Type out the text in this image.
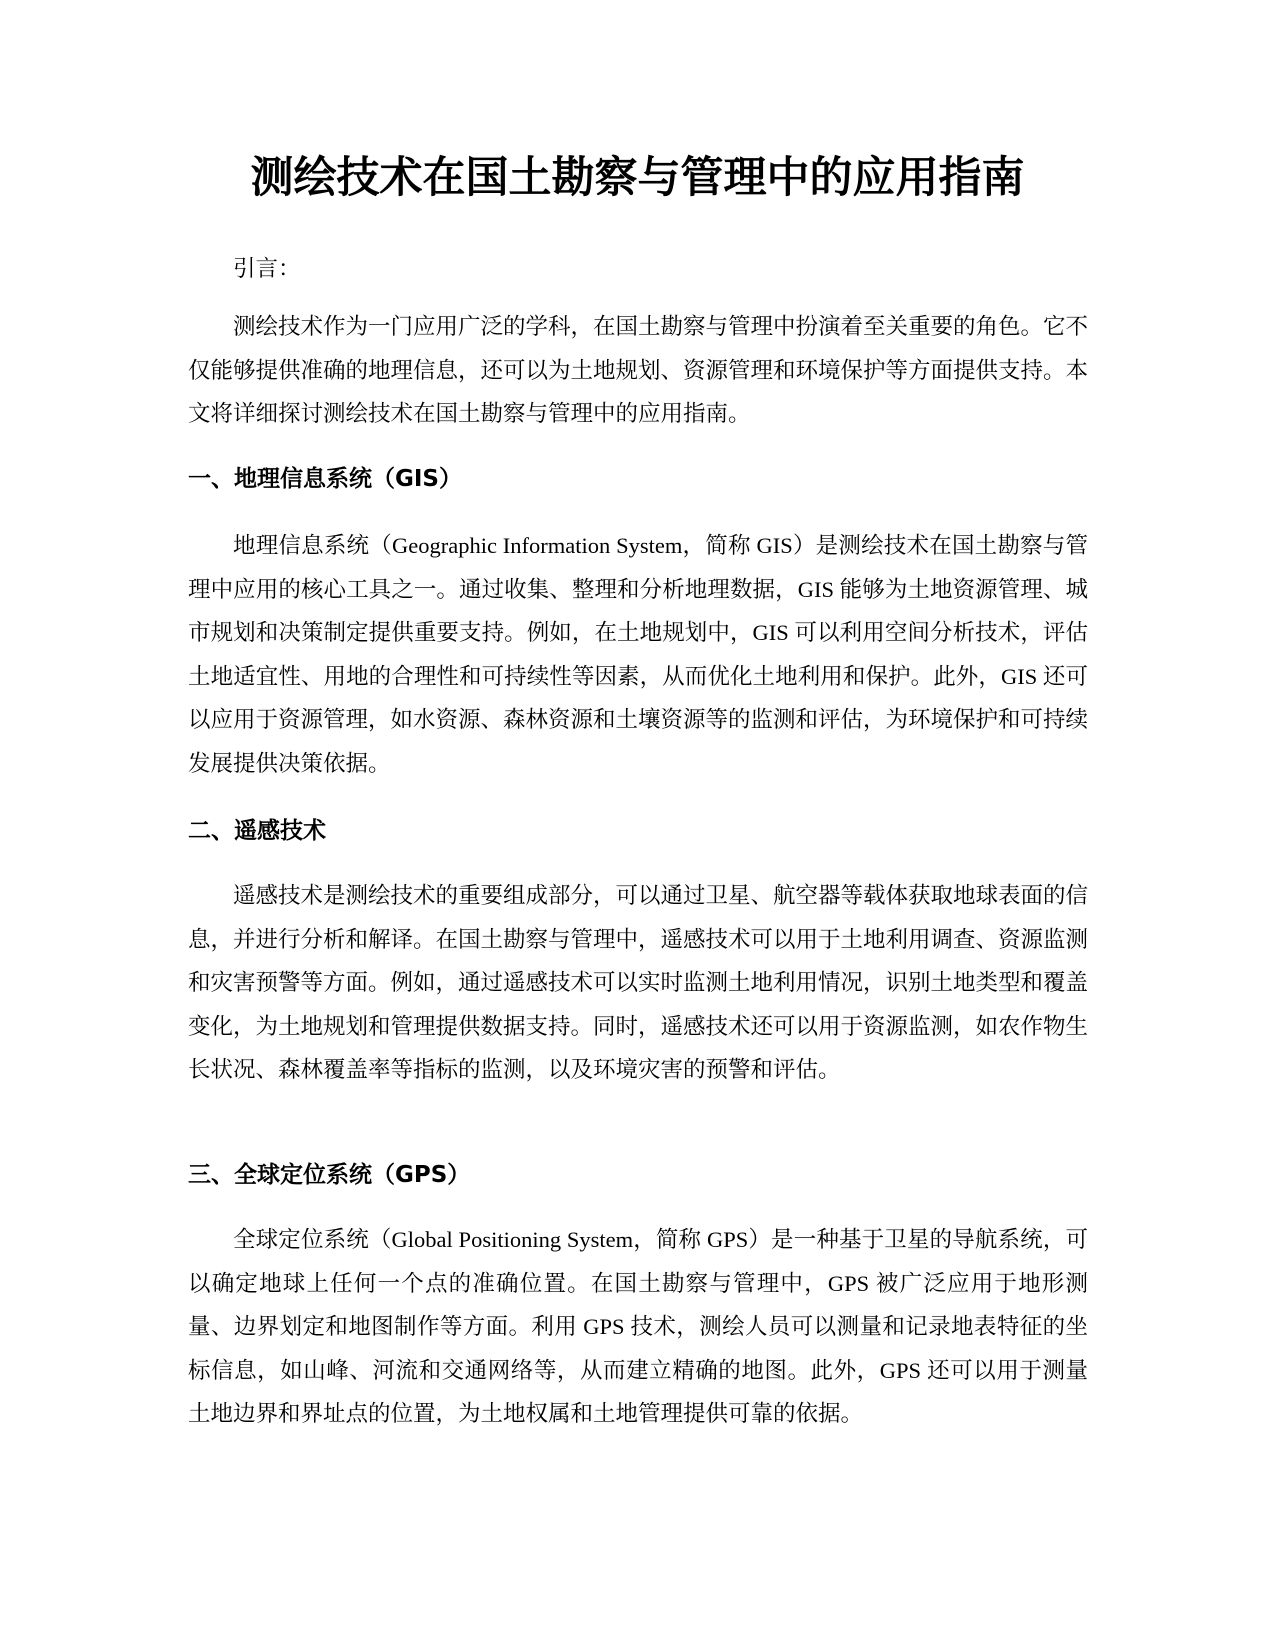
测绘技术在国土勘察与管理中的应用指南

引言：

测绘技术作为一门应用广泛的学科，在国土勘察与管理中扮演着至关重要的角色。它不仅能够提供准确的地理信息，还可以为土地规划、资源管理和环境保护等方面提供支持。本文将详细探讨测绘技术在国土勘察与管理中的应用指南。

一、地理信息系统（GIS）

地理信息系统（Geographic Information System，简称 GIS）是测绘技术在国土勘察与管理中应用的核心工具之一。通过收集、整理和分析地理数据，GIS 能够为土地资源管理、城市规划和决策制定提供重要支持。例如，在土地规划中，GIS 可以利用空间分析技术，评估土地适宜性、用地的合理性和可持续性等因素，从而优化土地利用和保护。此外，GIS 还可以应用于资源管理，如水资源、森林资源和土壤资源等的监测和评估，为环境保护和可持续发展提供决策依据。

二、遥感技术

遥感技术是测绘技术的重要组成部分，可以通过卫星、航空器等载体获取地球表面的信息，并进行分析和解译。在国土勘察与管理中，遥感技术可以用于土地利用调查、资源监测和灾害预警等方面。例如，通过遥感技术可以实时监测土地利用情况，识别土地类型和覆盖变化，为土地规划和管理提供数据支持。同时，遥感技术还可以用于资源监测，如农作物生长状况、森林覆盖率等指标的监测，以及环境灾害的预警和评估。

三、全球定位系统（GPS）

全球定位系统（Global Positioning System，简称 GPS）是一种基于卫星的导航系统，可以确定地球上任何一个点的准确位置。在国土勘察与管理中，GPS 被广泛应用于地形测量、边界划定和地图制作等方面。利用 GPS 技术，测绘人员可以测量和记录地表特征的坐标信息，如山峰、河流和交通网络等，从而建立精确的地图。此外，GPS 还可以用于测量土地边界和界址点的位置，为土地权属和土地管理提供可靠的依据。
